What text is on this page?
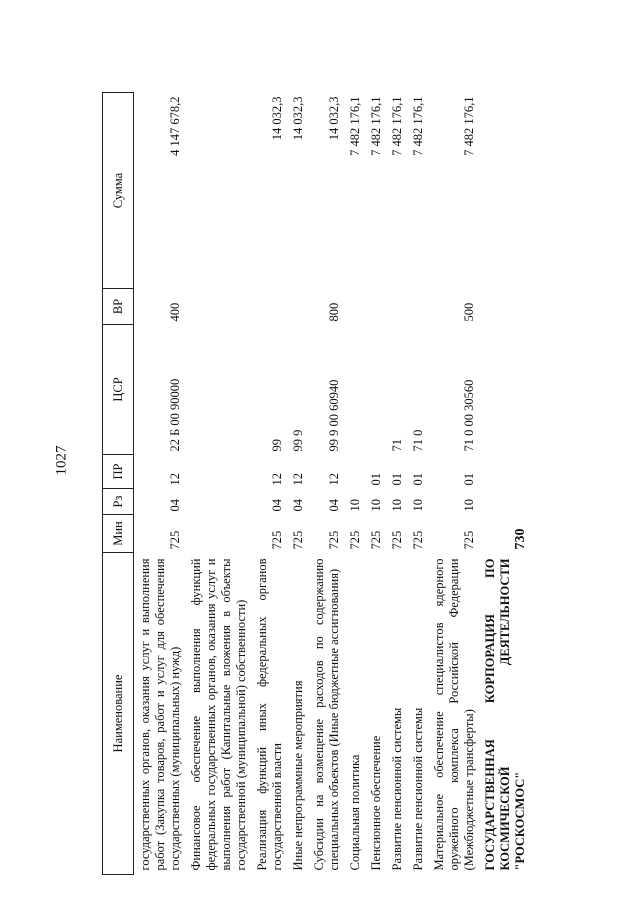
1027
Наименование	Мин	Рз	ПР	ЦСР	ВР	Сумма
государственных органов, оказания услуг и выполнения работ (Закупка товаров, работ и услуг для обеспечения государственных (муниципальных) нужд)	725	04	12	22 Б 00 90000	400	4 147 678,2
Финансовое обеспечение выполнения функций федеральных государственных органов, оказания услуг и выполнения работ (Капитальные вложения в объекты государственной (муниципальной) собственности)						
Реализация функций иных федеральных органов государственной власти	725	04	12	99		14 032,3
Иные непрограммные мероприятия	725	04	12	99 9		14 032,3
Субсидии на возмещение расходов по содержанию специальных объектов (Иные бюджетные ассигнования)	725	04	12	99 9 00 60940	800	14 032,3
Социальная политика	725	10				7 482 176,1
Пенсионное обеспечение	725	10	01			7 482 176,1
Развитие пенсионной системы	725	10	01	71		7 482 176,1
Развитие пенсионной системы	725	10	01	71 0		7 482 176,1
Материальное обеспечение специалистов ядерного оружейного комплекса Российской Федерации (Межбюджетные трансферты)	725	10	01	71 0 00 30560	500	7 482 176,1
ГОСУДАРСТВЕННАЯ КОРПОРАЦИЯ ПО КОСМИЧЕСКОЙ ДЕЯТЕЛЬНОСТИ "РОСКОСМОС"	730					
